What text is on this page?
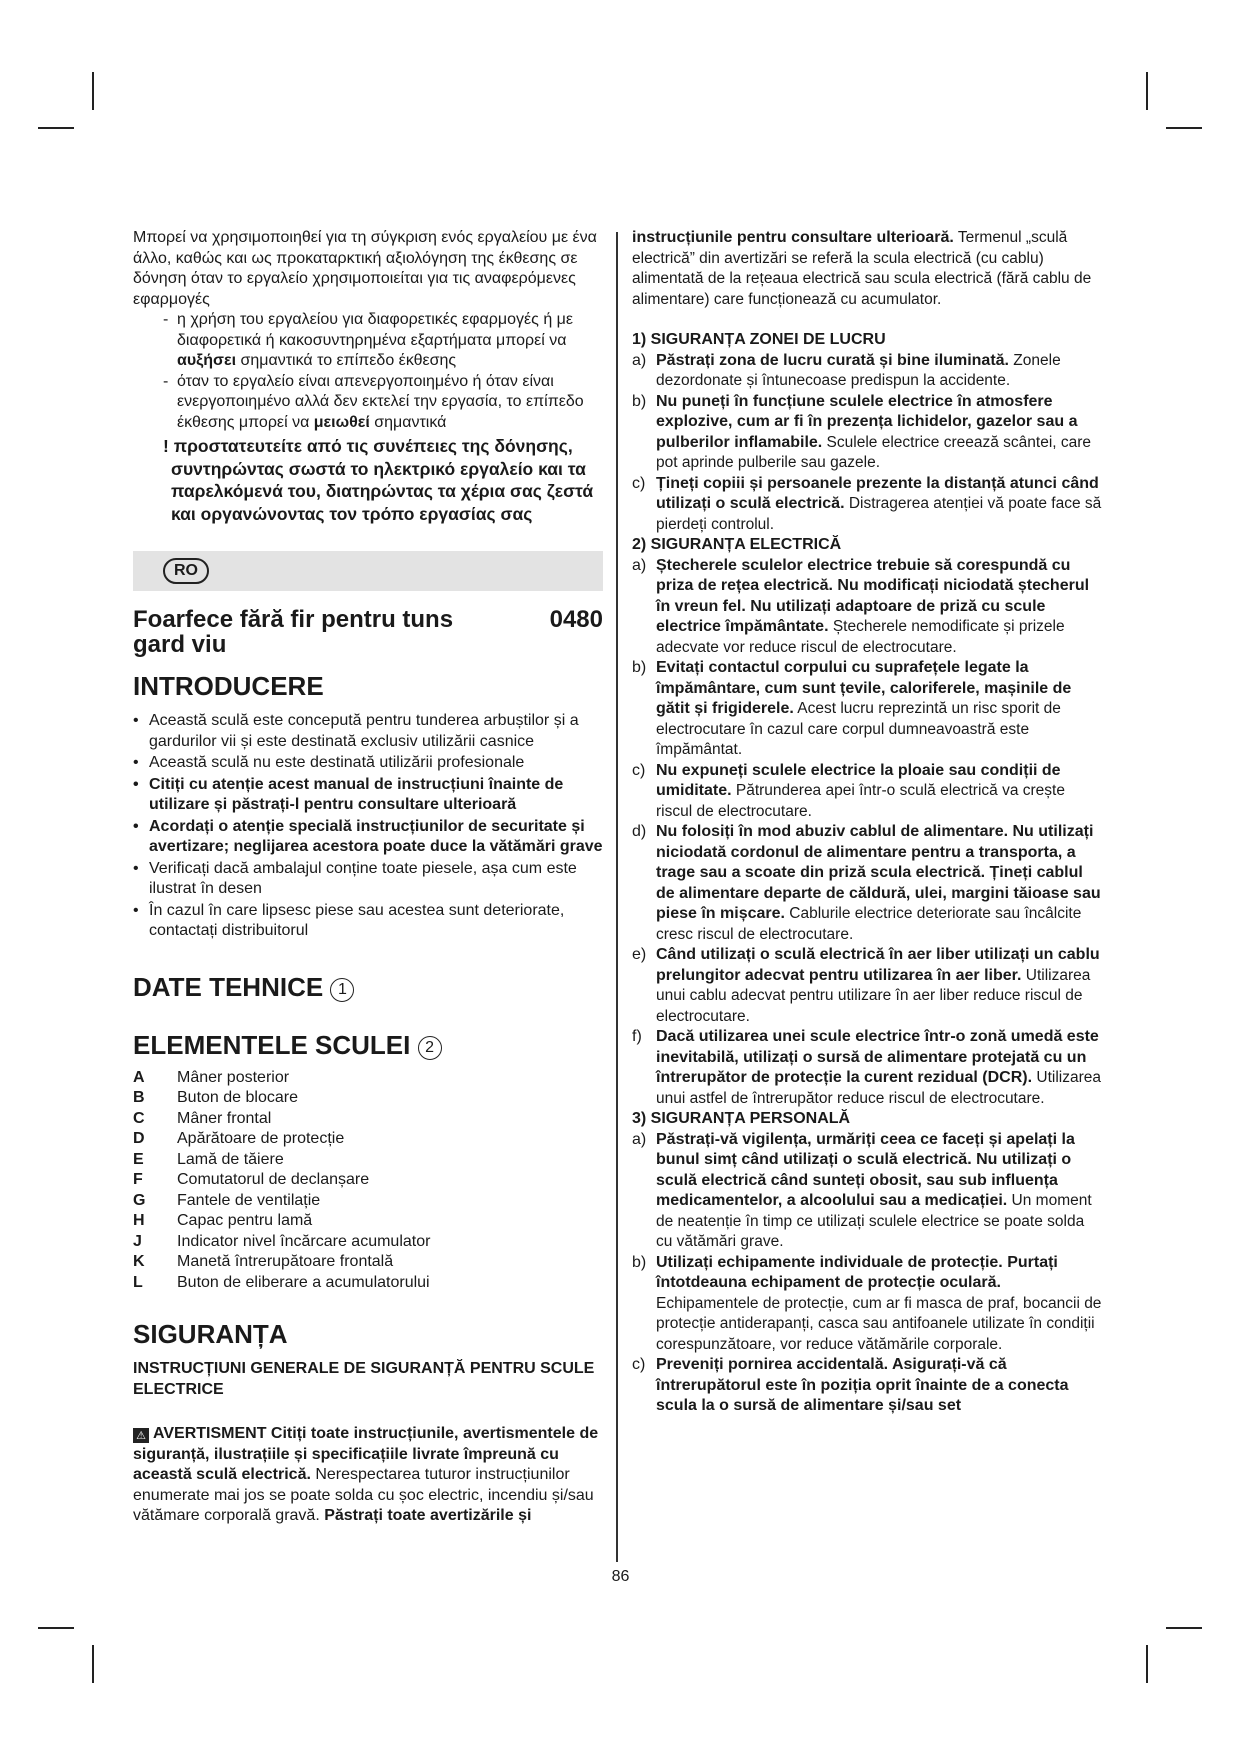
Μπορεί να χρησιμοποιηθεί για τη σύγκριση ενός εργαλείου με ένα άλλο, καθώς και ως προκαταρκτική αξιολόγηση της έκθεσης σε δόνηση όταν το εργαλείο χρησιμοποιείται για τις αναφερόμενες εφαρμογές

- η χρήση του εργαλείου για διαφορετικές εφαρμογές ή με διαφορετικά ή κακοσυντηρημένα εξαρτήματα μπορεί να αυξήσει σημαντικά το επίπεδο έκθεσης
- όταν το εργαλείο είναι απενεργοποιημένο ή όταν είναι ενεργοποιημένο αλλά δεν εκτελεί την εργασία, το επίπεδο έκθεσης μπορεί να μειωθεί σημαντικά

! προστατευτείτε από τις συνέπειες της δόνησης, συντηρώντας σωστά το ηλεκτρικό εργαλείο και τα παρελκόμενά του, διατηρώντας τα χέρια σας ζεστά και οργανώνοντας τον τρόπο εργασίας σας

RO
Foarfece fără fir pentru tuns gard viu
0480
INTRODUCERE
• Această sculă este concepută pentru tunderea arbuștilor și a gardurilor vii și este destinată exclusiv utilizării casnice
• Această sculă nu este destinată utilizării profesionale
• Citiți cu atenție acest manual de instrucțiuni înainte de utilizare și păstrați-l pentru consultare ulterioară
• Acordați o atenție specială instrucțiunilor de securitate și avertizare; neglijarea acestora poate duce la vătămări grave
• Verificați dacă ambalajul conține toate piesele, așa cum este ilustrat în desen
• În cazul în care lipsesc piese sau acestea sunt deteriorate, contactați distribuitorul
DATE TEHNICE 1
ELEMENTELE SCULEI 2
A	Mâner posterior
B	Buton de blocare
C	Mâner frontal
D	Apărătoare de protecție
E	Lamă de tăiere
F	Comutatorul de declanșare
G	Fantele de ventilație
H	Capac pentru lamă
J	Indicator nivel încărcare acumulator
K	Manetă întrerupătoare frontală
L	Buton de eliberare a acumulatorului
SIGURANȚA
INSTRUCȚIUNI GENERALE DE SIGURANȚĂ PENTRU SCULE ELECTRICE
⚠ AVERTISMENT Citiți toate instrucțiunile, avertismentele de siguranță, ilustrațiile și specificațiile livrate împreună cu această sculă electrică. Nerespectarea tuturor instrucțiunilor enumerate mai jos se poate solda cu șoc electric, incendiu și/sau vătămare corporală gravă. Păstrați toate avertizările și

instrucțiunile pentru consultare ulterioară. Termenul „sculă electrică” din avertizări se referă la scula electrică (cu cablu) alimentată de la rețeaua electrică sau scula electrică (fără cablu de alimentare) care funcționează cu acumulator.

1) SIGURANȚA ZONEI DE LUCRU

a) Păstrați zona de lucru curată și bine iluminată. Zonele dezordonate și întunecoase predispun la accidente.
b) Nu puneți în funcțiune sculele electrice în atmosfere explozive, cum ar fi în prezența lichidelor, gazelor sau a pulberilor inflamabile. Sculele electrice creează scântei, care pot aprinde pulberile sau gazele.
c) Țineți copiii și persoanele prezente la distanță atunci când utilizați o sculă electrică. Distragerea atenției vă poate face să pierdeți controlul.

2) SIGURANȚA ELECTRICĂ

a) Ștecherele sculelor electrice trebuie să corespundă cu priza de rețea electrică. Nu modificați niciodată ștecherul în vreun fel. Nu utilizați adaptoare de priză cu scule electrice împământate. Ștecherele nemodificate și prizele adecvate vor reduce riscul de electrocutare.
b) Evitați contactul corpului cu suprafețele legate la împământare, cum sunt țevile, caloriferele, mașinile de gătit și frigiderele. Acest lucru reprezintă un risc sporit de electrocutare în cazul care corpul dumneavoastră este împământat.
c) Nu expuneți sculele electrice la ploaie sau condiții de umiditate. Pătrunderea apei într-o sculă electrică va crește riscul de electrocutare.
d) Nu folosiți în mod abuziv cablul de alimentare. Nu utilizați niciodată cordonul de alimentare pentru a transporta, a trage sau a scoate din priză scula electrică. Țineți cablul de alimentare departe de căldură, ulei, margini tăioase sau piese în mișcare. Cablurile electrice deteriorate sau încâlcite cresc riscul de electrocutare.
e) Când utilizați o sculă electrică în aer liber utilizați un cablu prelungitor adecvat pentru utilizarea în aer liber. Utilizarea unui cablu adecvat pentru utilizare în aer liber reduce riscul de electrocutare.
f) Dacă utilizarea unei scule electrice într-o zonă umedă este inevitabilă, utilizați o sursă de alimentare protejată cu un întrerupător de protecție la curent rezidual (DCR). Utilizarea unui astfel de întrerupător reduce riscul de electrocutare.

3) SIGURANȚA PERSONALĂ

a) Păstrați-vă vigilența, urmăriți ceea ce faceți și apelați la bunul simț când utilizați o sculă electrică. Nu utilizați o sculă electrică când sunteți obosit, sau sub influența medicamentelor, a alcoolului sau a medicației. Un moment de neatenție în timp ce utilizați sculele electrice se poate solda cu vătămări grave.
b) Utilizați echipamente individuale de protecție. Purtați întotdeauna echipament de protecție oculară. Echipamentele de protecție, cum ar fi masca de praf, bocancii de protecție antiderapanți, casca sau antifoanele utilizate în condiții corespunzătoare, vor reduce vătămările corporale.
c) Preveniți pornirea accidentală. Asigurați-vă că întrerupătorul este în poziția oprit înainte de a conecta scula la o sursă de alimentare și/sau set
86
